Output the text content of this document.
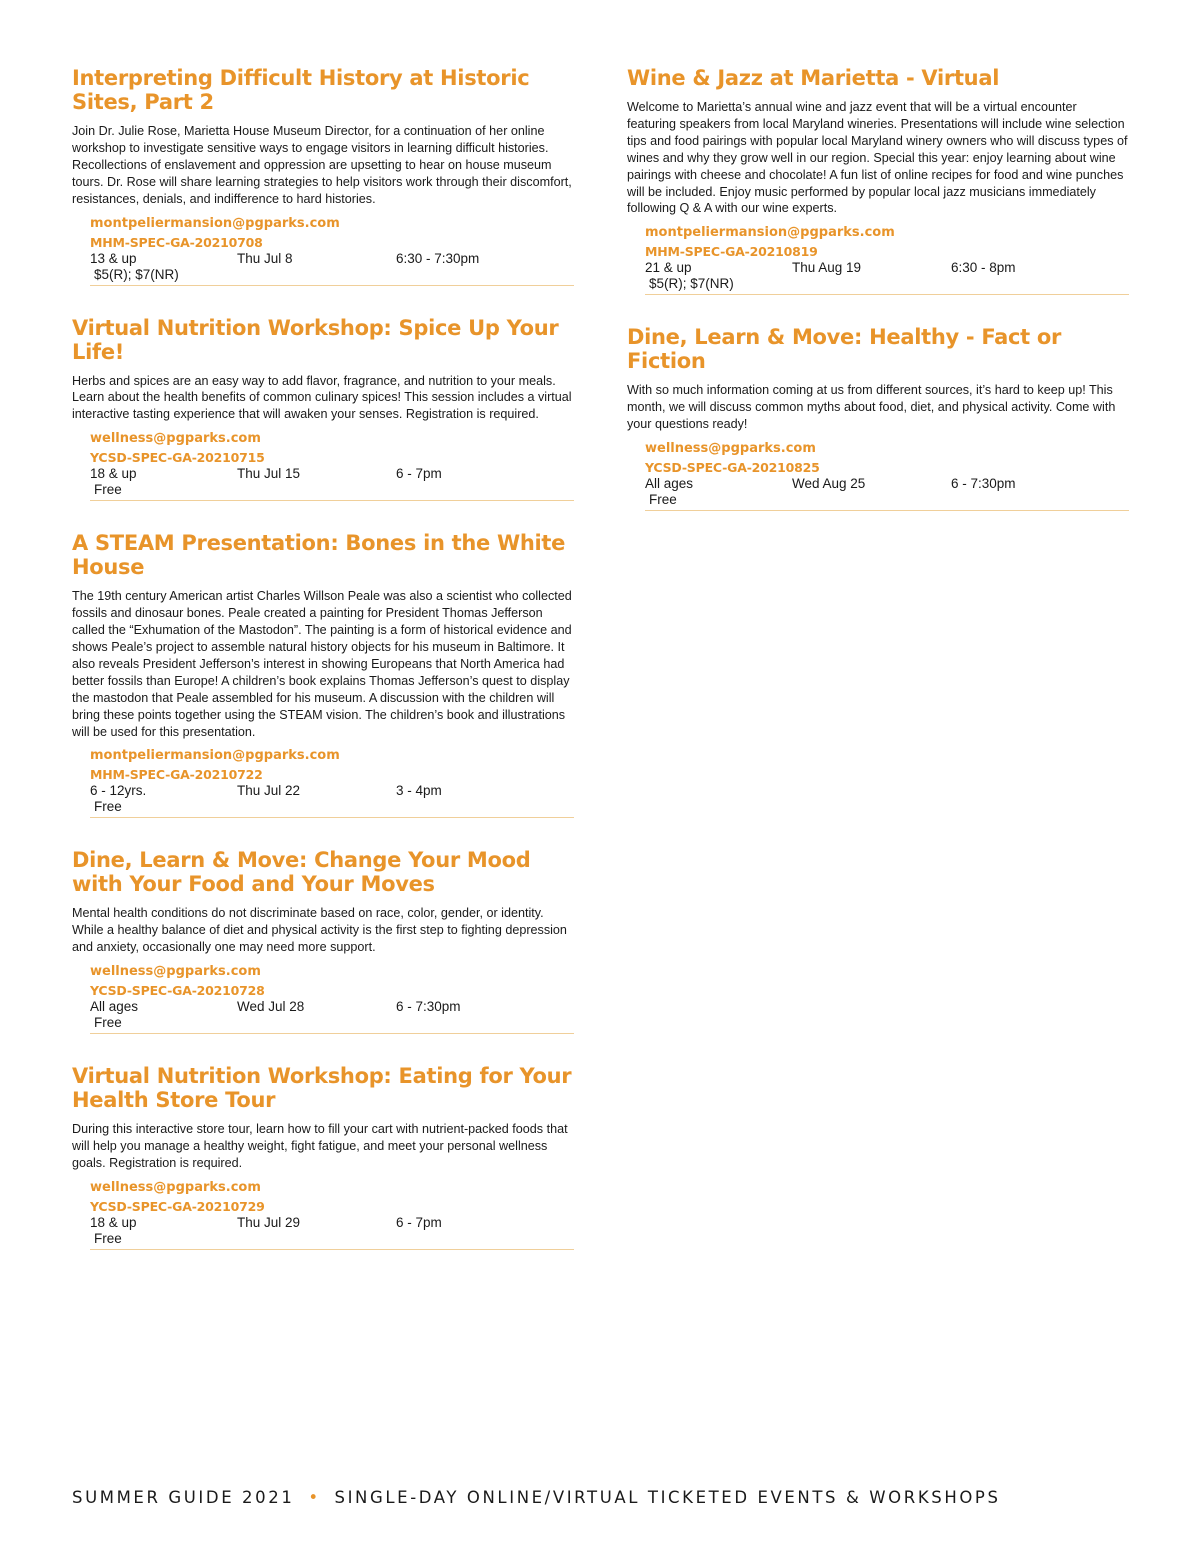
Interpreting Difficult History at Historic Sites, Part 2

Join Dr. Julie Rose, Marietta House Museum Director, for a continuation of her online workshop to investigate sensitive ways to engage visitors in learning difficult histories. Recollections of enslavement and oppression are upsetting to hear on house museum tours. Dr. Rose will share learning strategies to help visitors work through their discomfort, resistances, denials, and indifference to hard histories.

montpeliermansion@pgparks.com
MHM-SPEC-GA-20210708
13 & up	Thu Jul 8	6:30 - 7:30pm
$5(R); $7(NR)
Virtual Nutrition Workshop: Spice Up Your Life!

Herbs and spices are an easy way to add flavor, fragrance, and nutrition to your meals. Learn about the health benefits of common culinary spices! This session includes a virtual interactive tasting experience that will awaken your senses. Registration is required.

wellness@pgparks.com
YCSD-SPEC-GA-20210715
18 & up	Thu Jul 15	6 - 7pm
Free
A STEAM Presentation: Bones in the White House

The 19th century American artist Charles Willson Peale was also a scientist who collected fossils and dinosaur bones. Peale created a painting for President Thomas Jefferson called the “Exhumation of the Mastodon”. The painting is a form of historical evidence and shows Peale’s project to assemble natural history objects for his museum in Baltimore. It also reveals President Jefferson’s interest in showing Europeans that North America had better fossils than Europe! A children’s book explains Thomas Jefferson’s quest to display the mastodon that Peale assembled for his museum. A discussion with the children will bring these points together using the STEAM vision. The children’s book and illustrations will be used for this presentation.

montpeliermansion@pgparks.com
MHM-SPEC-GA-20210722
6 - 12yrs.	Thu Jul 22	3 - 4pm
Free
Dine, Learn & Move: Change Your Mood with Your Food and Your Moves

Mental health conditions do not discriminate based on race, color, gender, or identity. While a healthy balance of diet and physical activity is the first step to fighting depression and anxiety, occasionally one may need more support.

wellness@pgparks.com
YCSD-SPEC-GA-20210728
All ages	Wed Jul 28	6 - 7:30pm
Free
Virtual Nutrition Workshop: Eating for Your Health Store Tour

During this interactive store tour, learn how to fill your cart with nutrient-packed foods that will help you manage a healthy weight, fight fatigue, and meet your personal wellness goals. Registration is required.

wellness@pgparks.com
YCSD-SPEC-GA-20210729
18 & up	Thu Jul 29	6 - 7pm
Free
Wine & Jazz at Marietta - Virtual

Welcome to Marietta’s annual wine and jazz event that will be a virtual encounter featuring speakers from local Maryland wineries. Presentations will include wine selection tips and food pairings with popular local Maryland winery owners who will discuss types of wines and why they grow well in our region. Special this year: enjoy learning about wine pairings with cheese and chocolate! A fun list of online recipes for food and wine punches will be included. Enjoy music performed by popular local jazz musicians immediately following Q & A with our wine experts.

montpeliermansion@pgparks.com
MHM-SPEC-GA-20210819
21 & up	Thu Aug 19	6:30 - 8pm
$5(R); $7(NR)
Dine, Learn & Move: Healthy - Fact or Fiction

With so much information coming at us from different sources, it’s hard to keep up! This month, we will discuss common myths about food, diet, and physical activity. Come with your questions ready!

wellness@pgparks.com
YCSD-SPEC-GA-20210825
All ages	Wed Aug 25	6 - 7:30pm
Free
SUMMER GUIDE 2021 • SINGLE-DAY ONLINE/VIRTUAL TICKETED EVENTS & WORKSHOPS
